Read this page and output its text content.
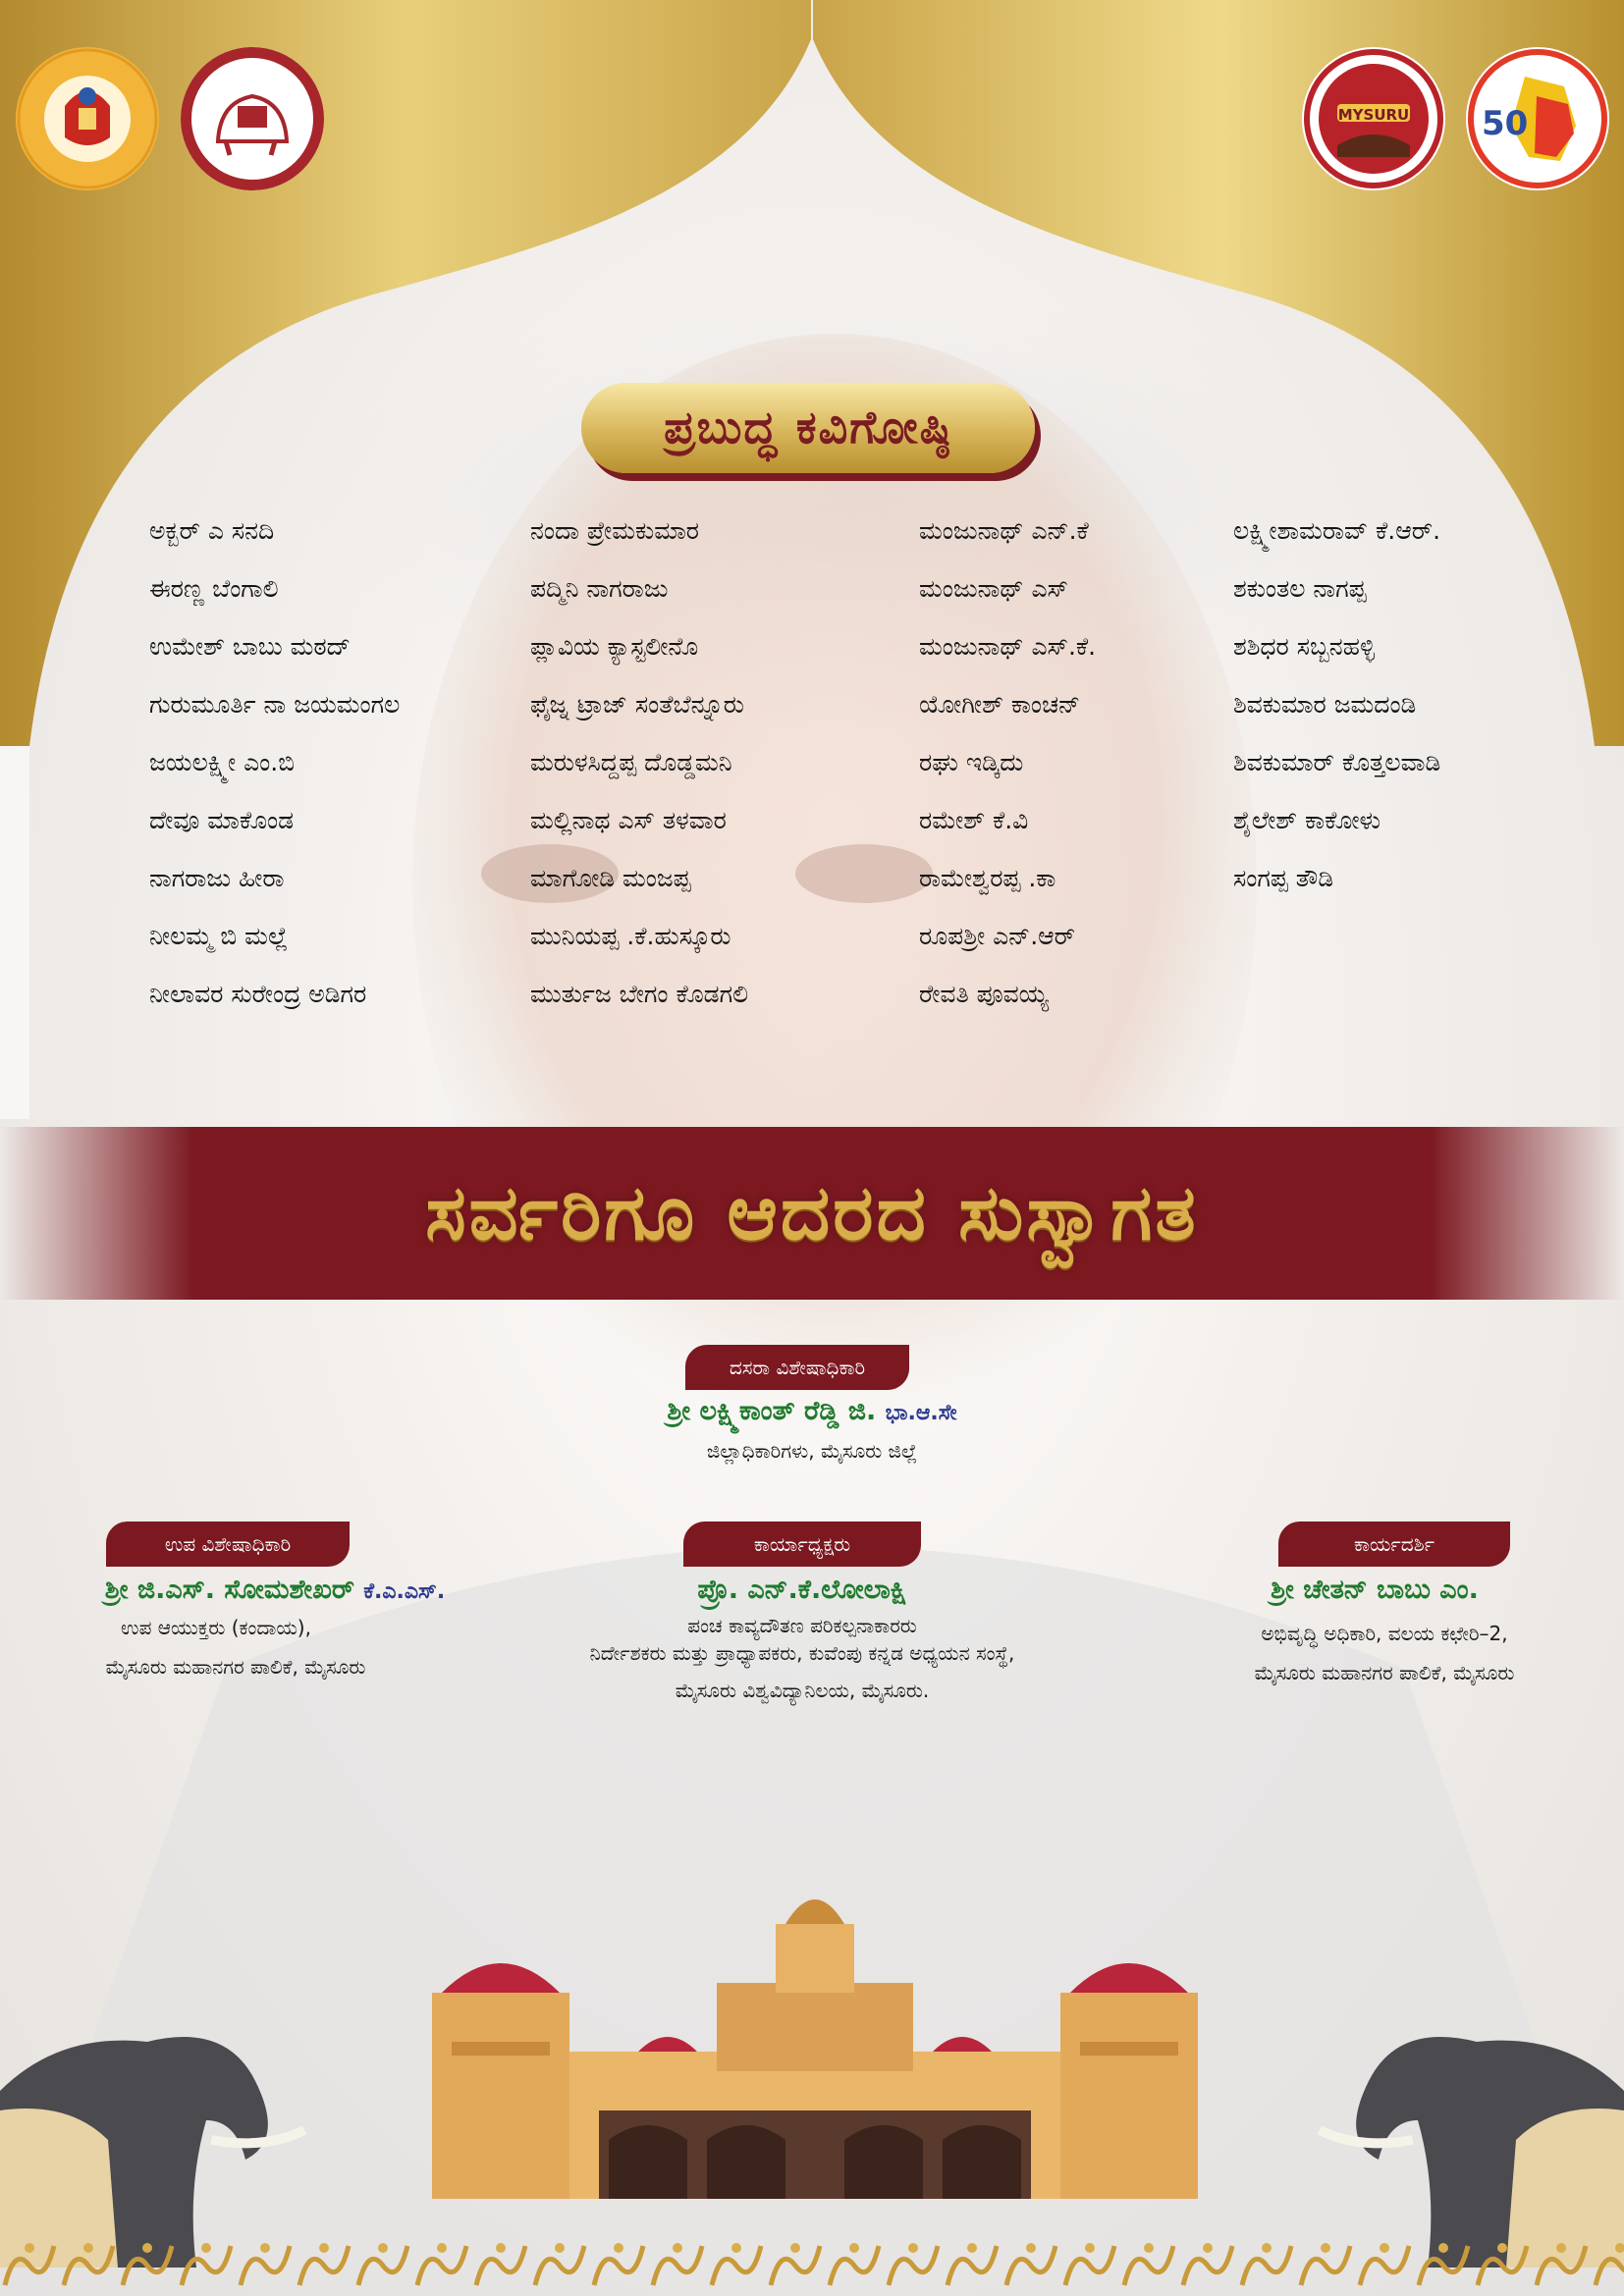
MYSURU	50
ಪ್ರಬುದ್ಧ ಕವಿಗೋಷ್ಠಿ
ಅಕ್ಬರ್ ಎ ಸನದಿ
ಈರಣ್ಣ ಬೆಂಗಾಲಿ
ಉಮೇಶ್ ಬಾಬು ಮಠದ್
ಗುರುಮೂರ್ತಿ ನಾ ಜಯಮಂಗಲ
ಜಯಲಕ್ಷ್ಮೀ ಎಂ.ಬಿ
ದೇವೂ ಮಾಕೊಂಡ
ನಾಗರಾಜು ಹೀರಾ
ನೀಲಮ್ಮ ಬಿ ಮಲ್ಲೆ
ನೀಲಾವರ ಸುರೇಂದ್ರ ಅಡಿಗರ
ನಂದಾ ಪ್ರೇಮಕುಮಾರ
ಪದ್ಮಿನಿ ನಾಗರಾಜು
ಪ್ಲಾವಿಯ ಕ್ಯಾಸ್ಟಲೀನೊ
ಫೈಜ್ನ ಟ್ರಾಜ್ ಸಂತೆಬೆನ್ನೂರು
ಮರುಳಸಿದ್ದಪ್ಪ ದೊಡ್ಡಮನಿ
ಮಲ್ಲಿನಾಥ ಎಸ್ ತಳವಾರ
ಮಾಗೋಡಿ ಮಂಜಪ್ಪ
ಮುನಿಯಪ್ಪ .ಕೆ.ಹುಸ್ಕೂರು
ಮುರ್ತುಜ ಬೇಗಂ ಕೊಡಗಲಿ
ಮಂಜುನಾಥ್ ಎನ್.ಕೆ
ಮಂಜುನಾಥ್ ಎಸ್
ಮಂಜುನಾಥ್ ಎಸ್.ಕೆ.
ಯೋಗೀಶ್ ಕಾಂಚನ್
ರಘು ಇಡ್ಕಿದು
ರಮೇಶ್ ಕೆ.ವಿ
ರಾಮೇಶ್ವರಪ್ಪ .ಕಾ
ರೂಪಶ್ರೀ ಎನ್.ಆರ್
ರೇವತಿ ಪೂವಯ್ಯ
ಲಕ್ಷ್ಮೀಶಾಮರಾವ್ ಕೆ.ಆರ್.
ಶಕುಂತಲ ನಾಗಪ್ಪ
ಶಶಿಧರ ಸಬ್ಬನಹಳ್ಳಿ
ಶಿವಕುಮಾರ ಜಮದಂಡಿ
ಶಿವಕುಮಾರ್ ಕೊತ್ತಲವಾಡಿ
ಶೈಲೇಶ್ ಕಾಕೋಳು
ಸಂಗಪ್ಪ ತೌಡಿ
ಸರ್ವರಿಗೂ ಆದರದ ಸುಸ್ವಾಗತ
ದಸರಾ ವಿಶೇಷಾಧಿಕಾರಿ
ಶ್ರೀ ಲಕ್ಷ್ಮಿಕಾಂತ್ ರೆಡ್ಡಿ ಜಿ. ಭಾ.ಆ.ಸೇ
ಜಿಲ್ಲಾಧಿಕಾರಿಗಳು, ಮೈಸೂರು ಜಿಲ್ಲೆ
ಉಪ ವಿಶೇಷಾಧಿಕಾರಿ
ಶ್ರೀ ಜಿ.ಎಸ್. ಸೋಮಶೇಖರ್ ಕೆ.ಎ.ಎಸ್.
ಉಪ ಆಯುಕ್ತರು (ಕಂದಾಯ),
ಮೈಸೂರು ಮಹಾನಗರ ಪಾಲಿಕೆ, ಮೈಸೂರು
ಕಾರ್ಯಾಧ್ಯಕ್ಷರು
ಪ್ರೊ. ಎನ್.ಕೆ.ಲೋಲಾಕ್ಷಿ
ಪಂಚ ಕಾವ್ಯದೌತಣ ಪರಿಕಲ್ಪನಾಕಾರರು
ನಿರ್ದೇಶಕರು ಮತ್ತು ಪ್ರಾಧ್ಯಾಪಕರು, ಕುವೆಂಪು ಕನ್ನಡ ಅಧ್ಯಯನ ಸಂಸ್ಥೆ,
ಮೈಸೂರು ವಿಶ್ವವಿದ್ಯಾನಿಲಯ, ಮೈಸೂರು.
ಕಾರ್ಯದರ್ಶಿ
ಶ್ರೀ ಚೇತನ್ ಬಾಬು ಎಂ.
ಅಭಿವೃದ್ಧಿ ಅಧಿಕಾರಿ, ವಲಯ ಕಛೇರಿ–2,
ಮೈಸೂರು ಮಹಾನಗರ ಪಾಲಿಕೆ, ಮೈಸೂರು
